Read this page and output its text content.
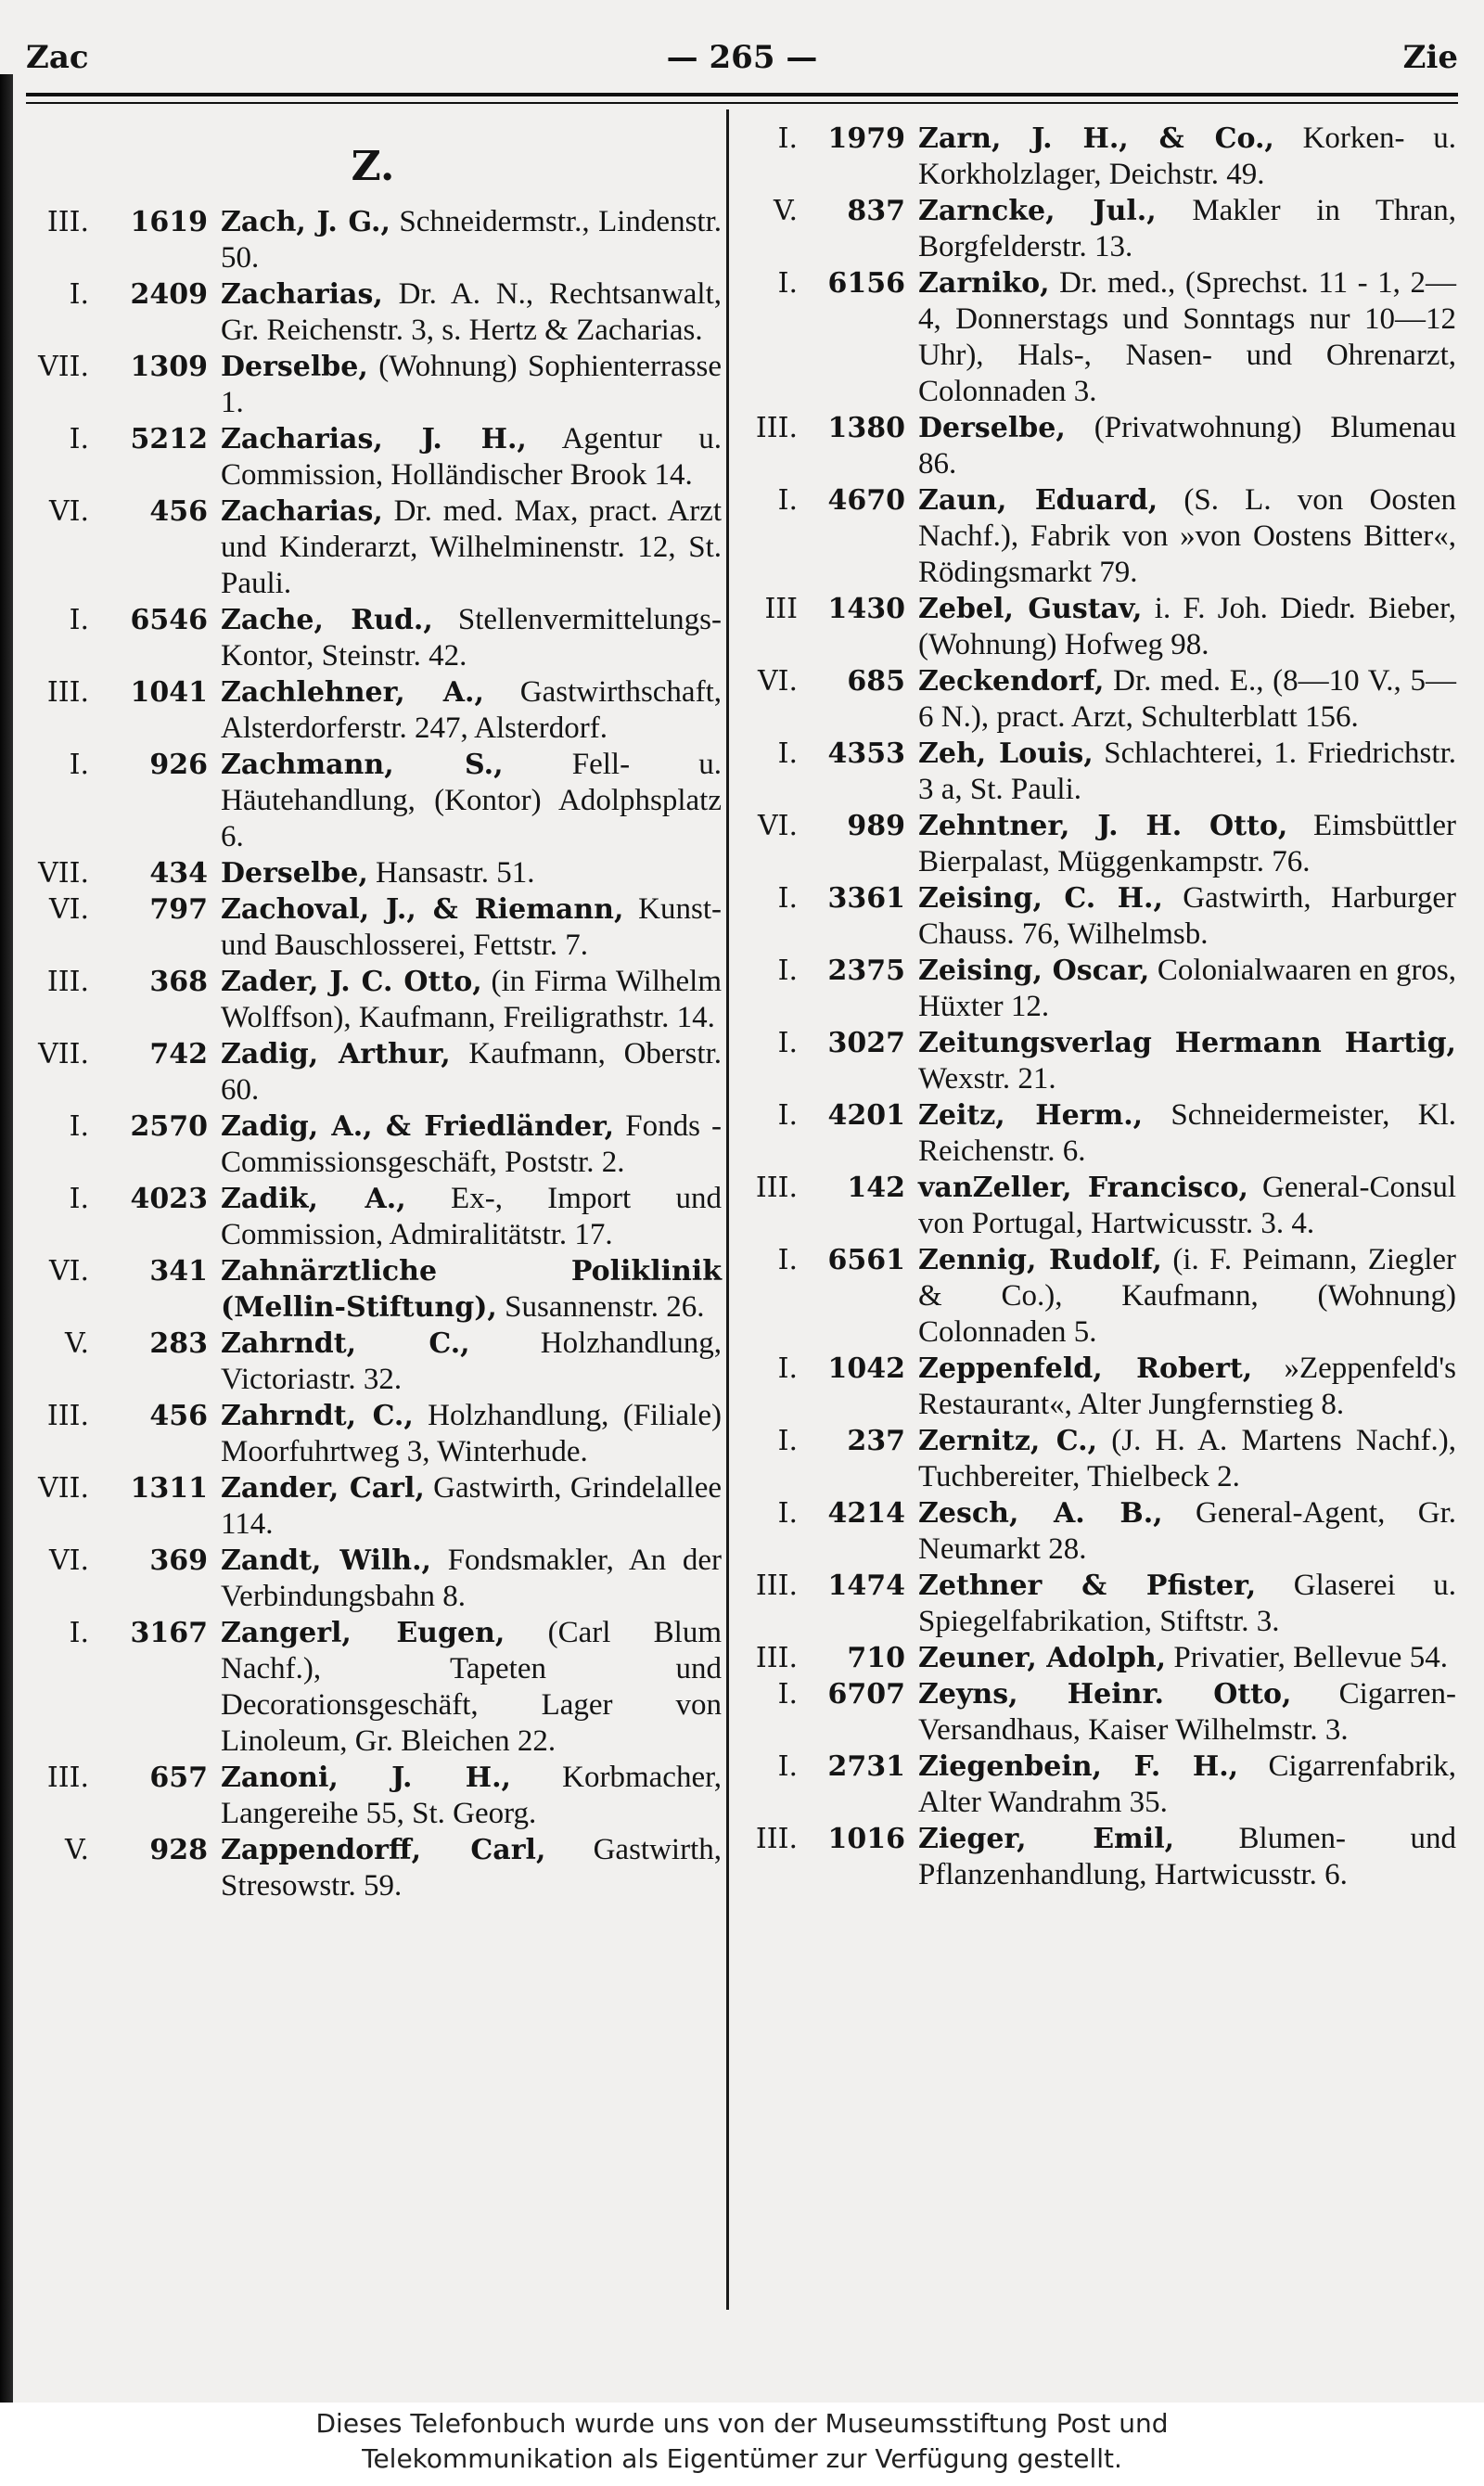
Zac	— 265 —	Zie
Z.
III. 1619 Zach, J. G., Schneidermstr., Lindenstr. 50.
I. 2409 Zacharias, Dr. A. N., Rechtsanwalt, Gr. Reichenstr. 3, s. Hertz & Zacharias.
VII. 1309 Derselbe, (Wohnung) Sophienterrasse 1.
I. 5212 Zacharias, J. H., Agentur u. Commission, Holländischer Brook 14.
VI. 456 Zacharias, Dr. med. Max, pract. Arzt und Kinderarzt, Wilhelminenstr. 12, St. Pauli.
I. 6546 Zache, Rud., Stellenvermittelungs-Kontor, Steinstr. 42.
III. 1041 Zachlehner, A., Gastwirthschaft, Alsterdorferstr. 247, Alsterdorf.
I. 926 Zachmann, S., Fell- u. Häutehandlung, (Kontor) Adolphsplatz 6.
VII. 434 Derselbe, Hansastr. 51.
VI. 797 Zachoval, J., & Riemann, Kunst- und Bauschlosserei, Fettstr. 7.
III. 368 Zader, J. C. Otto, (in Firma Wilhelm Wolffson), Kaufmann, Freiligrathstr. 14.
VII. 742 Zadig, Arthur, Kaufmann, Oberstr. 60.
I. 2570 Zadig, A., & Friedländer, Fonds - Commissionsgeschäft, Poststr. 2.
I. 4023 Zadik, A., Ex-, Import und Commission, Admiralitätstr. 17.
VI. 341 Zahnärztliche Poliklinik (Mellin-Stiftung), Susannenstr. 26.
V. 283 Zahrndt, C., Holzhandlung, Victoriastr. 32.
III. 456 Zahrndt, C., Holzhandlung, (Filiale) Moorfuhrtweg 3, Winterhude.
VII. 1311 Zander, Carl, Gastwirth, Grindelallee 114.
VI. 369 Zandt, Wilh., Fondsmakler, An der Verbindungsbahn 8.
I. 3167 Zangerl, Eugen, (Carl Blum Nachf.), Tapeten und Decorationsgeschäft, Lager von Linoleum, Gr. Bleichen 22.
III. 657 Zanoni, J. H., Korbmacher, Langereihe 55, St. Georg.
V. 928 Zappendorff, Carl, Gastwirth, Stresowstr. 59.
I. 1979 Zarn, J. H., & Co., Korken- u. Korkholzlager, Deichstr. 49.
V. 837 Zarncke, Jul., Makler in Thran, Borgfelderstr. 13.
I. 6156 Zarniko, Dr. med., (Sprechst. 11 - 1, 2—4, Donnerstags und Sonntags nur 10—12 Uhr), Hals-, Nasen- und Ohrenarzt, Colonnaden 3.
III. 1380 Derselbe, (Privatwohnung) Blumenau 86.
I. 4670 Zaun, Eduard, (S. L. von Oosten Nachf.), Fabrik von »von Oostens Bitter«, Rödingsmarkt 79.
III 1430 Zebel, Gustav, i. F. Joh. Diedr. Bieber, (Wohnung) Hofweg 98.
VI. 685 Zeckendorf, Dr. med. E., (8—10 V., 5—6 N.), pract. Arzt, Schulterblatt 156.
I. 4353 Zeh, Louis, Schlachterei, 1. Friedrichstr. 3 a, St. Pauli.
VI. 989 Zehntner, J. H. Otto, Eimsbüttler Bierpalast, Müggenkampstr. 76.
I. 3361 Zeising, C. H., Gastwirth, Harburger Chauss. 76, Wilhelmsb.
I. 2375 Zeising, Oscar, Colonialwaaren en gros, Hüxter 12.
I. 3027 Zeitungsverlag Hermann Hartig, Wexstr. 21.
I. 4201 Zeitz, Herm., Schneidermeister, Kl. Reichenstr. 6.
III. 142 vanZeller, Francisco, General-Consul von Portugal, Hartwicusstr. 3. 4.
I. 6561 Zennig, Rudolf, (i. F. Peimann, Ziegler & Co.), Kaufmann, (Wohnung) Colonnaden 5.
I. 1042 Zeppenfeld, Robert, »Zeppenfeld's Restaurant«, Alter Jungfernstieg 8.
I. 237 Zernitz, C., (J. H. A. Martens Nachf.), Tuchbereiter, Thielbeck 2.
I. 4214 Zesch, A. B., General-Agent, Gr. Neumarkt 28.
III. 1474 Zethner & Pfister, Glaserei u. Spiegelfabrikation, Stiftstr. 3.
III. 710 Zeuner, Adolph, Privatier, Bellevue 54.
I. 6707 Zeyns, Heinr. Otto, Cigarren-Versandhaus, Kaiser Wilhelmstr. 3.
I. 2731 Ziegenbein, F. H., Cigarrenfabrik, Alter Wandrahm 35.
III. 1016 Zieger, Emil, Blumen- und Pflanzenhandlung, Hartwicusstr. 6.
Dieses Telefonbuch wurde uns von der Museumsstiftung Post und
Telekommunikation als Eigentümer zur Verfügung gestellt.
